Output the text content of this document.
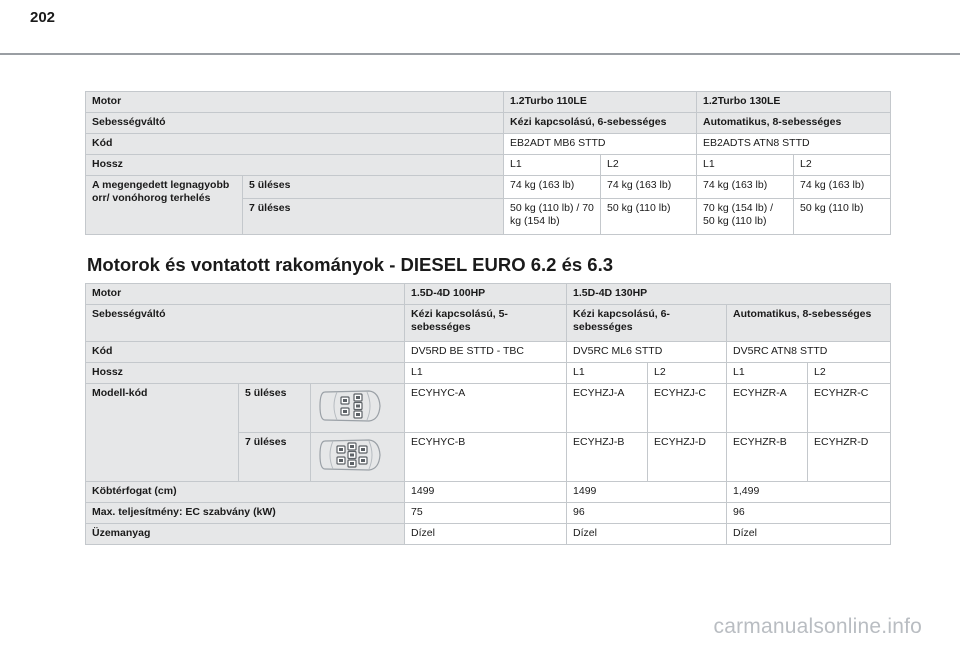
202
Motor		1.2Turbo 110LE		1.2Turbo 130LE	
Sebességváltó		Kézi kapcsolású, 6-sebességes		Automatikus, 8-sebességes	
Kód		EB2ADT MB6 STTD		EB2ADTS ATN8 STTD	
Hossz		L1	L2	L1	L2
A megengedett legnagyobb orr/ vonóhorog terhelés	5 üléses	74 kg (163 lb)	74 kg (163 lb)	74 kg (163 lb)	74 kg (163 lb)
	7 üléses	50 kg (110 lb) / 70 kg (154 lb)	50 kg (110 lb)	70 kg (154 lb) / 50 kg (110 lb)	50 kg (110 lb)
Motorok és vontatott rakományok - DIESEL EURO 6.2 és 6.3
Motor			1.5D-4D 100HP	1.5D-4D 130HP			
Sebességváltó			Kézi kapcsolású, 5-sebességes	Kézi kapcsolású, 6-sebességes		Automatikus, 8-sebességes	
Kód			DV5RD BE STTD - TBC	DV5RC ML6 STTD		DV5RC ATN8 STTD	
Hossz			L1	L1	L2	L1	L2
Modell-kód	5 üléses		ECYHYC-A	ECYHZJ-A	ECYHZJ-C	ECYHZR-A	ECYHZR-C
	7 üléses		ECYHYC-B	ECYHZJ-B	ECYHZJ-D	ECYHZR-B	ECYHZR-D
Köbtérfogat (cm)			1499	1499		1,499	
Max. teljesítmény: EC szabvány (kW)			75	96		96	
Üzemanyag			Dízel	Dízel		Dízel	
carmanualsonline.info
